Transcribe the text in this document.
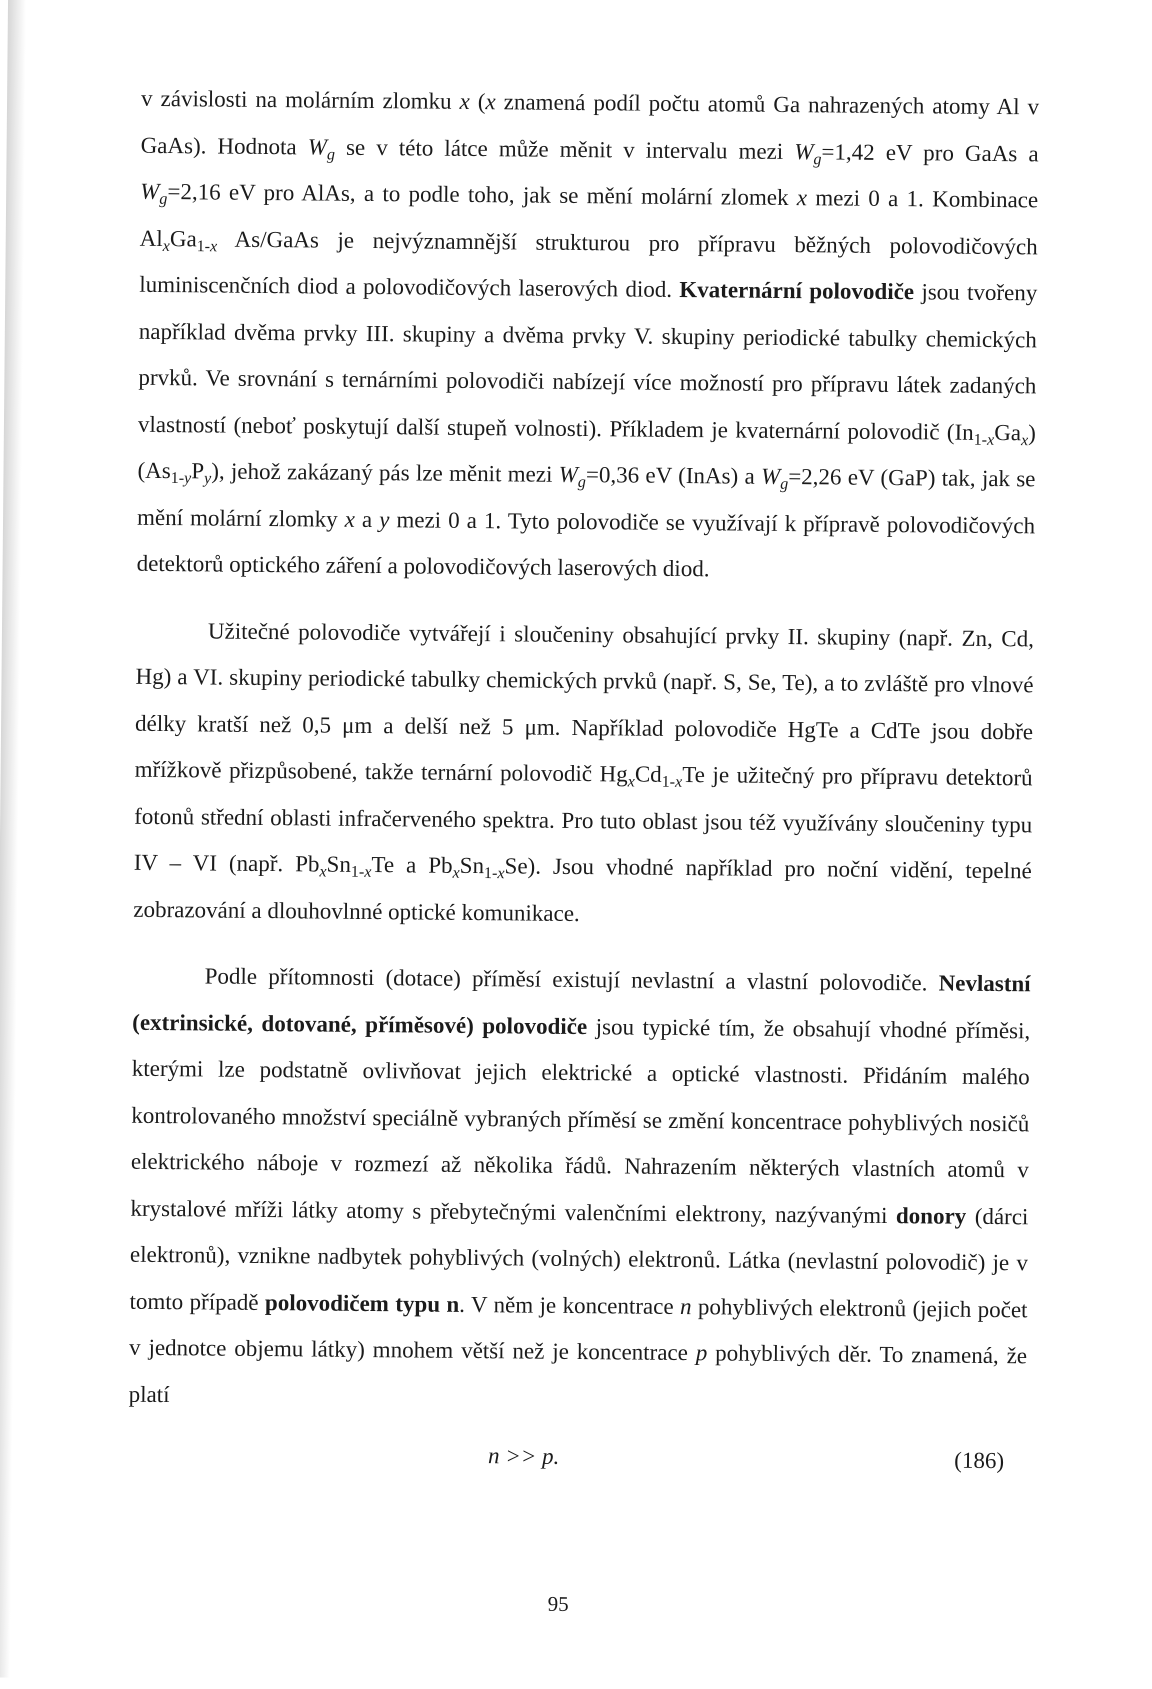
v závislosti na molárním zlomku x (x znamená podíl počtu atomů Ga nahrazených atomy Al v GaAs). Hodnota $W_g$ se v této látce může měnit v intervalu mezi $W_g=1,42$ eV pro GaAs a $W_g=2,16$ eV pro AlAs, a to podle toho, jak se mění molární zlomek x mezi 0 a 1. Kombinace $Al_xGa_{1-x}$ As/GaAs je nejvýznamnější strukturou pro přípravu běžných polovodičových luminiscenčních diod a polovodičových laserových diod. Kvaternární polovodiče jsou tvořeny například dvěma prvky III. skupiny a dvěma prvky V. skupiny periodické tabulky chemických prvků. Ve srovnání s ternárními polovodiči nabízejí více možností pro přípravu látek zadaných vlastností (neboť poskytují další stupeň volnosti). Příkladem je kvaternární polovodič $(In_{1-x}Ga_x)$ $(As_{1-y}P_y)$, jehož zakázaný pás lze měnit mezi $W_g=0,36$ eV (InAs) a $W_g=2,26$ eV (GaP) tak, jak se mění molární zlomky x a y mezi 0 a 1. Tyto polovodiče se využívají k přípravě polovodičových detektorů optického záření a polovodičových laserových diod.

Užitečné polovodiče vytvářejí i sloučeniny obsahující prvky II. skupiny (např. Zn, Cd, Hg) a VI. skupiny periodické tabulky chemických prvků (např. S, Se, Te), a to zvláště pro vlnové délky kratší než 0,5 μm a delší než 5 μm. Například polovodiče HgTe a CdTe jsou dobře mřížkově přizpůsobené, takže ternární polovodič $Hg_xCd_{1-x}Te$ je užitečný pro přípravu detektorů fotonů střední oblasti infračerveného spektra. Pro tuto oblast jsou též využívány sloučeniny typu IV – VI (např. $Pb_xSn_{1-x}Te$ a $Pb_xSn_{1-x}Se$). Jsou vhodné například pro noční vidění, tepelné zobrazování a dlouhovlnné optické komunikace.

Podle přítomnosti (dotace) příměsí existují nevlastní a vlastní polovodiče. Nevlastní (extrinsické, dotované, příměsové) polovodiče jsou typické tím, že obsahují vhodné příměsi, kterými lze podstatně ovlivňovat jejich elektrické a optické vlastnosti. Přidáním malého kontrolovaného množství speciálně vybraných příměsí se změní koncentrace pohyblivých nosičů elektrického náboje v rozmezí až několika řádů. Nahrazením některých vlastních atomů v krystalové mříži látky atomy s přebytečnými valenčními elektrony, nazývanými donory (dárci elektronů), vznikne nadbytek pohyblivých (volných) elektronů. Látka (nevlastní polovodič) je v tomto případě polovodičem typu n. V něm je koncentrace n pohyblivých elektronů (jejich počet v jednotce objemu látky) mnohem větší než je koncentrace p pohyblivých děr. To znamená, že platí

n >> p.	(186)
95
